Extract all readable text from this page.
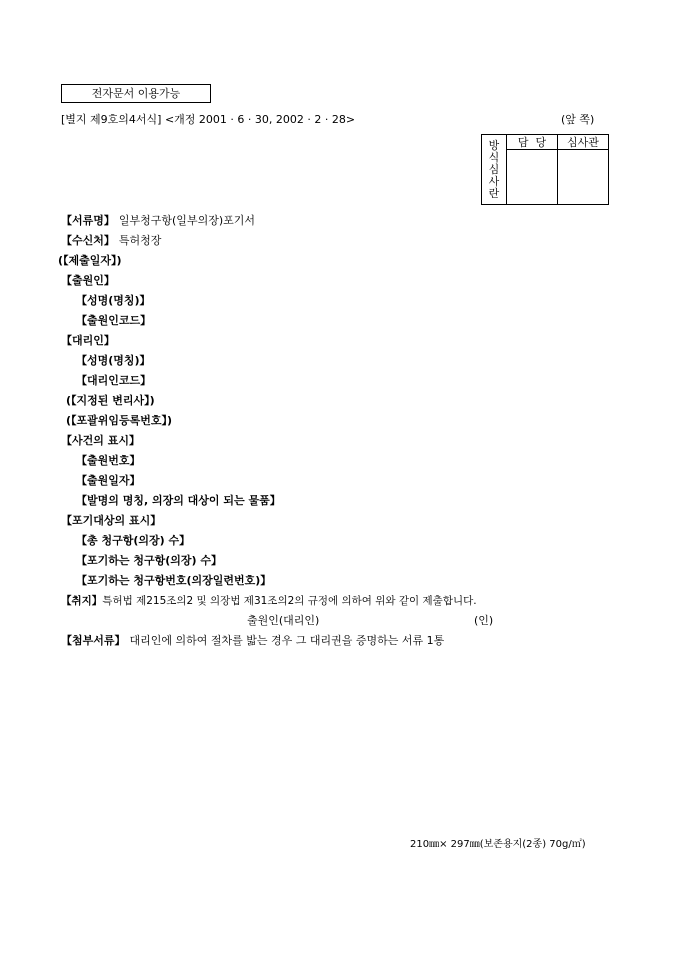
전자문서 이용가능
[별지 제9호의4서식] <개정 2001 · 6 · 30, 2002 · 2 · 28>	(앞 쪽)
방
식
심
사
란	담  당	심사관

【서류명】 일부청구항(일부의장)포기서
【수신처】 특허청장
(【제출일자】)
【출원인】
【성명(명칭)】
【출원인코드】
【대리인】
【성명(명칭)】
【대리인코드】
(【지정된 변리사】)
(【포괄위임등록번호】)
【사건의 표시】
【출원번호】
【출원일자】
【발명의 명칭, 의장의 대상이 되는 물품】
【포기대상의 표시】
【총 청구항(의장) 수】
【포기하는 청구항(의장) 수】
【포기하는 청구항번호(의장일련번호)】
【취지】특허법 제215조의2 및 의장법 제31조의2의 규정에 의하여 위와 같이 제출합니다.
출원인(대리인)	(인)
【첨부서류】 대리인에 의하여 절차를 밟는 경우 그 대리권을 증명하는 서류 1통
210㎜× 297㎜(보존용지(2종) 70g/㎡)
